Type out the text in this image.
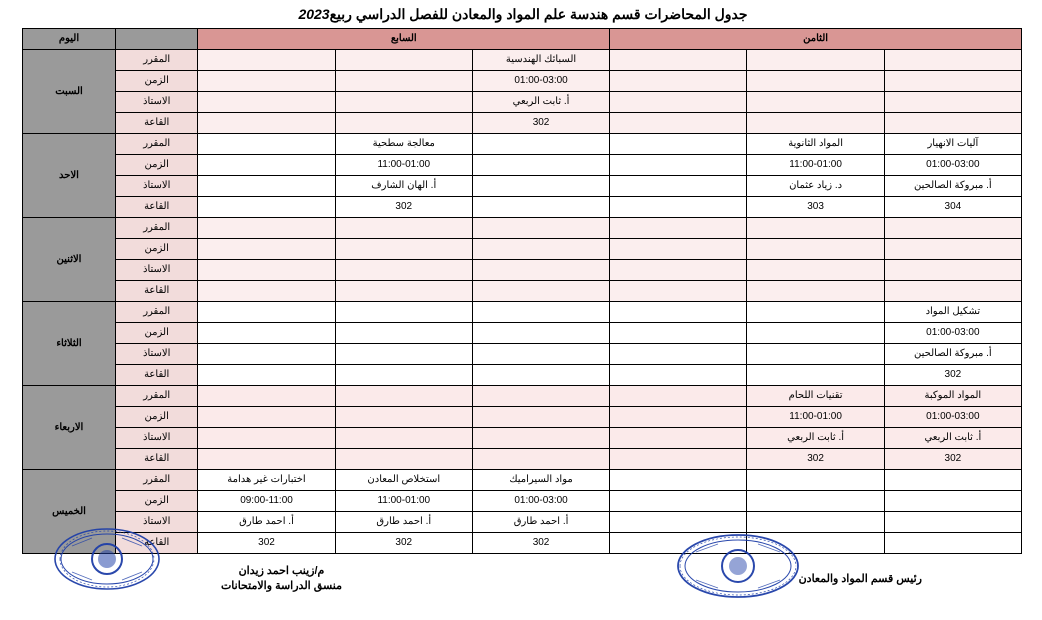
جدول المحاضرات قسم هندسة علم المواد والمعادن للفصل الدراسي ربيع
2023
الثامن			السابع				اليوم
			السبائك الهندسية			المقرر	السبت
			01:00-03:00			الزمن	
			أ. ثابت الربعي			الاستاذ	
			302			القاعة	
آليات الانهيار	المواد الثانوية			معالجة سطحية		المقرر	الاحد
01:00-03:00	11:00-01:00			11:00-01:00		الزمن	
أ. مبروكة الصالحين	د. زياد عثمان			أ. الهان الشارف		الاستاذ	
304	303			302		القاعة	
						المقرر	الاثنين
						الزمن	
						الاستاذ	
						القاعة	
تشكيل المواد						المقرر	الثلاثاء
01:00-03:00						الزمن	
أ. مبروكة الصالحين						الاستاذ	
302						القاعة	
المواد الموكبة	تقنيات اللحام					المقرر	الاربعاء
01:00-03:00	11:00-01:00					الزمن	
أ. ثابت الربعي	أ. ثابت الربعي					الاستاذ	
302	302					القاعة	
			مواد السيراميك	استخلاص المعادن	اختبارات غير هدامة	المقرر	الخميس
			01:00-03:00	11:00-01:00	09:00-11:00	الزمن	
			أ. احمد طارق	أ. احمد طارق	أ. احمد طارق	الاستاذ	
			302	302	302	القاعة	
رئيس قسم المواد والمعادن
م/زينب احمد زيدان
منسق الدراسة والامتحانات
